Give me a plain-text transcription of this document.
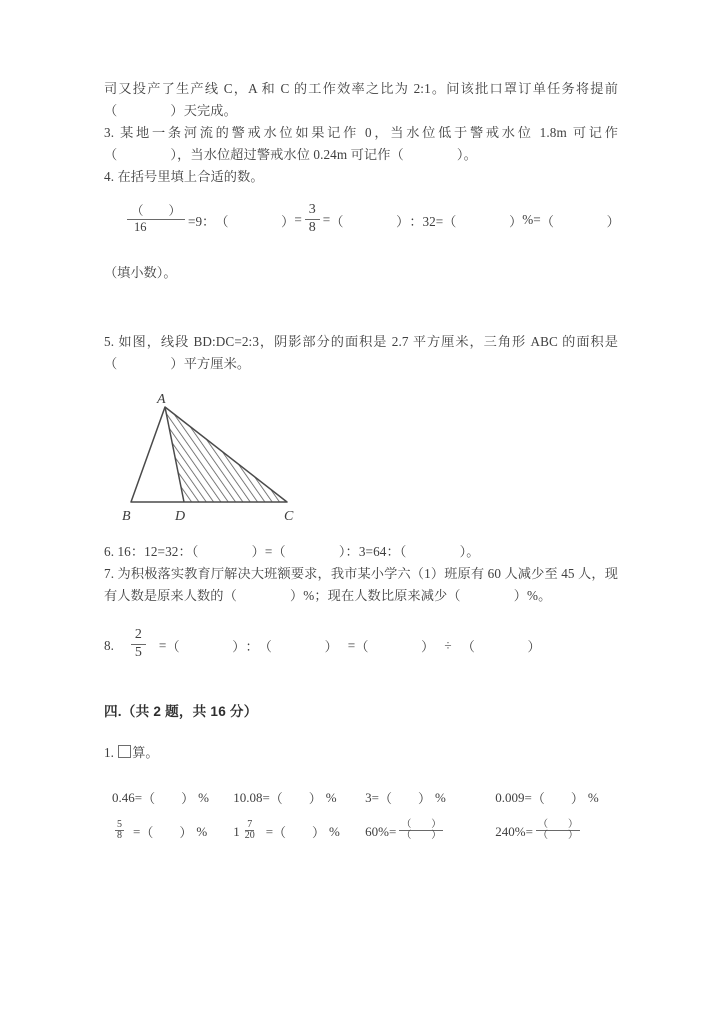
司又投产了生产线 C，A 和 C 的工作效率之比为 2:1。问该批口罩订单任务将提前（　　　　）天完成。

3. 某地一条河流的警戒水位如果记作 0，当水位低于警戒水位 1.8m 可记作（　　　　），当水位超过警戒水位 0.24m 可记作（　　　　）。

4. 在括号里填上合适的数。

$\frac{( )}{16} =9$： （　　　　） = $\frac{3}{8}$ = （　　　　） ：32= （　　　　） %= （　　　　）
（填小数）。

5. 如图，线段 BD:DC=2:3，阴影部分的面积是 2.7 平方厘米，三角形 ABC 的面积是（　　　　）平方厘米。

A
B	D	C

6. 16：12=32：（　　　　）=（　　　　）：3=64：（　　　　）。

7. 为积极落实教育厅解决大班额要求，我市某小学六（1）班原有 60 人减少至 45 人，现有人数是原来人数的（　　　　）%；现在人数比原来减少（　　　　）%。

8. $\frac{2}{5}$ = （　　　　） ： （　　　　） = （　　　　） ÷ （　　　　）
四.（共 2 题，共 16 分）
1. 算。
0.46= （　　） % 10.08= （　　） % 3= （　　） %	0.009= （　　） %
$\frac{5}{8}$ = （　　） % $1 \frac{7}{20}$ = （　　） % $60\%= \frac{( )}{( )}$	$240\%= \frac{( )}{( )}$
